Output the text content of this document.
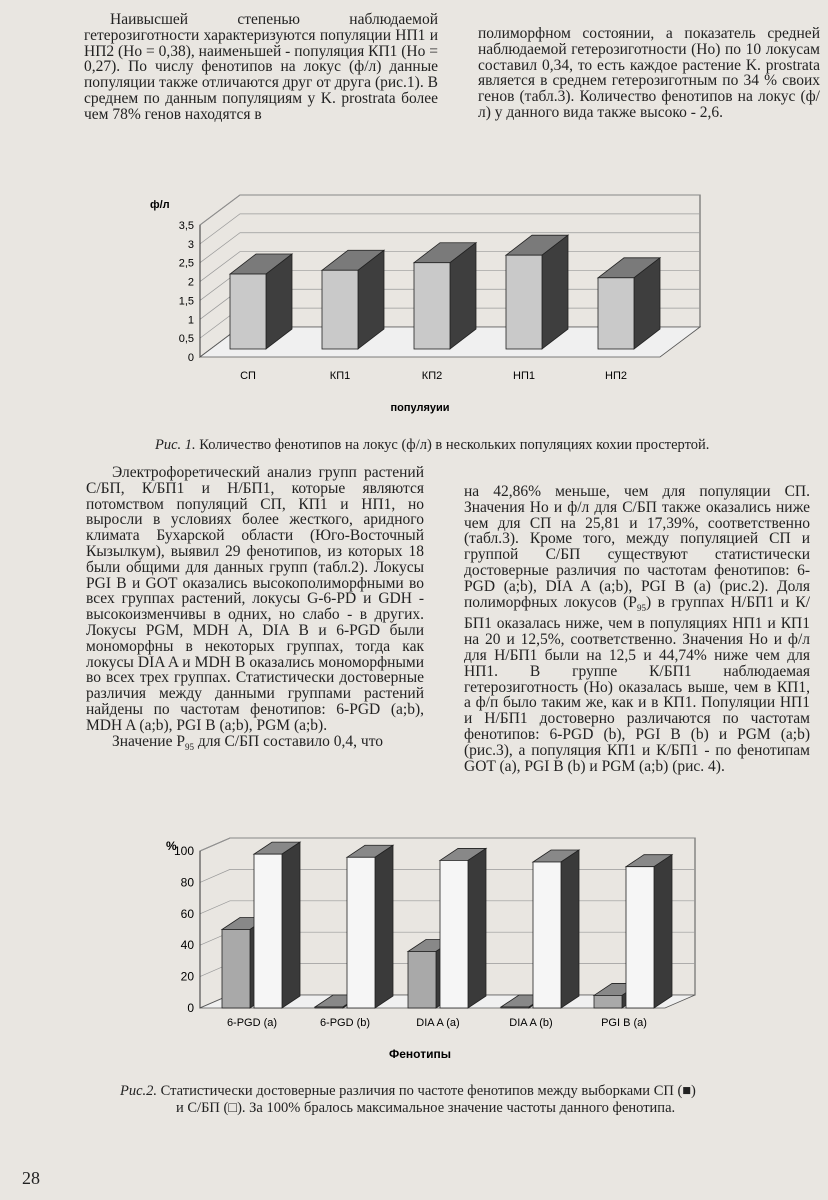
Наивысшей степенью наблюдаемой гетерозиготности характеризуются популяции НП1 и НП2 (Но = 0,38), наименьшей - популяция КП1 (Но = 0,27). По числу фенотипов на локус (ф/л) данные популяции также отличаются друг от друга (рис.1). В среднем по данным популяциям у K. prostrata более чем 78% генов находятся в

полиморфном состоянии, а показатель средней наблюдаемой гетерозиготности (Но) по 10 локусам составил 0,34, то есть каждое растение K. prostrata является в среднем гетерозиготным по 34 % своих генов (табл.3). Количество фенотипов на локус (ф/л) у данного вида также высоко - 2,6.

0
0,5
1
1,5
2
2,5
3
3,5
СП	КП1	КП2	НП1	НП2
ф/л
популяуии
Рис. 1. Количество фенотипов на локус (ф/л) в нескольких популяциях кохии простертой.

Электрофоретический анализ групп растений С/БП, К/БП1 и Н/БП1, которые являются потомством популяций СП, КП1 и НП1, но выросли в условиях более жесткого, аридного климата Бухарской области (Юго-Восточный Кызылкум), выявил 29 фенотипов, из которых 18 были общими для данных групп (табл.2). Локусы PGI В и GOT оказались высокополиморфными во всех группах растений, локусы G-6-PD и GDH - высокоизменчивы в одних, но слабо - в других. Локусы PGM, MDH A, DIA B и 6-PGD были мономорфны в некоторых группах, тогда как локусы DIA A и MDH B оказались мономорфными во всех трех группах. Статистически достоверные различия между данными группами растений найдены по частотам фенотипов: 6-PGD (a;b), MDH A (a;b), PGI B (a;b), PGM (a;b).

Значение $P_{95}$ для С/БП составило 0,4, что

на 42,86% меньше, чем для популяции СП. Значения Но и ф/л для С/БП также оказались ниже чем для СП на 25,81 и 17,39%, соответственно (табл.3). Кроме того, между популяцией СП и группой С/БП существуют статистически достоверные различия по частотам фенотипов: 6-PGD (a;b), DIA A (a;b), PGI B (a) (рис.2). Доля полиморфных локусов $(P_{95})$ в группах Н/БП1 и К/БП1 оказалась ниже, чем в популяциях НП1 и КП1 на 20 и 12,5%, соответственно. Значения Но и ф/л для Н/БП1 были на 12,5 и 44,74% ниже чем для НП1. В группе К/БП1 наблюдаемая гетерозиготность (Но) оказалась выше, чем в КП1, а ф/п было таким же, как и в КП1. Популяции НП1 и Н/БП1 достоверно различаются по частотам фенотипов: 6-PGD (b), PGI B (b) и PGM (a;b) (рис.3), а популяция КП1 и К/БП1 - по фенотипам GOT (a), PGI B (b) и PGM (a;b) (рис. 4).

0
20
40
60
80
100
6-PGD (a)	6-PGD (b)	DIA A (a)	DIA A (b)	PGI B (a)
%
Фенотипы
Рис.2. Статистически достоверные различия по частоте фенотипов между выборками СП (■)
и С/БП (□). За 100% бралось максимальное значение частоты данного фенотипа.
28
